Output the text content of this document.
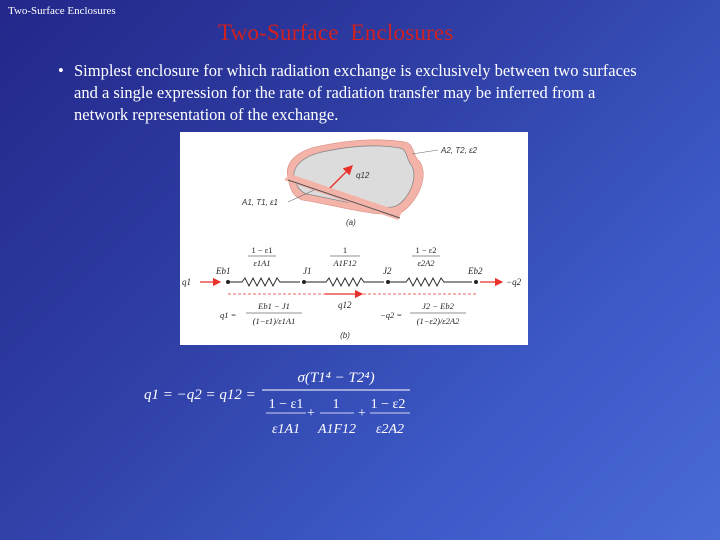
Two-Surface Enclosures
Two-Surface  Enclosures
• Simplest enclosure for which radiation exchange is exclusively between two surfaces and a single expression for the rate of radiation transfer may be inferred from a network representation of the exchange.
q12
A2, T2, ε2
A1, T1, ε1
(a)
1 − ε1
ε1A1
1
A1F12
1 − ε2
ε2A2
Eb1	J1	J2	Eb2
q1	−q2
q12
q1 =
Eb1 − J1
(1−ε1)/ε1A1
−q2 =
J2 − Eb2
(1−ε2)/ε2A2
(b)
q1 = −q2 = q12 =
σ(T1⁴ − T2⁴)
1 − ε1
ε1A1
+
1
A1F12
+
1 − ε2
ε2A2
